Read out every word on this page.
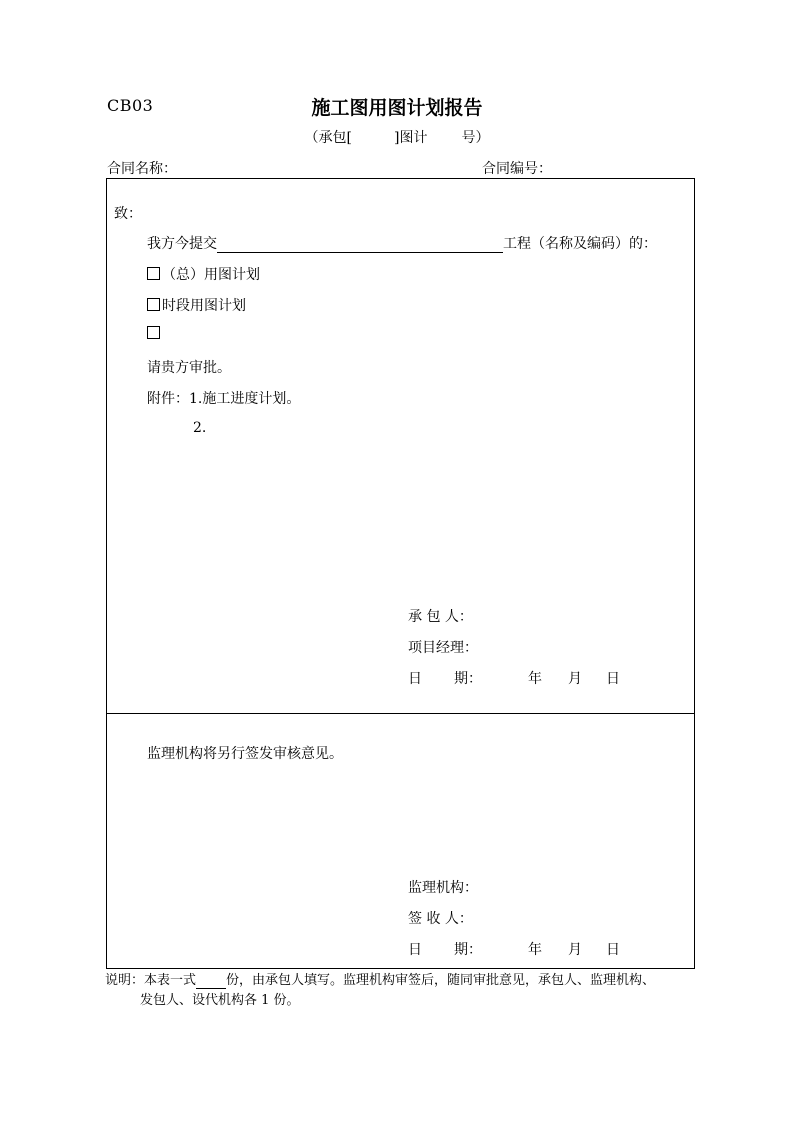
CB03	施工图用图计划报告
（承包[	]图计 号）
合同名称：	合同编号：
致：
我方今提交	工程（名称及编码）的：
（总）用图计划
时段用图计划
请贵方审批。
附件：1.施工进度计划。
2.
承 包 人：
项目经理：
日 期：	年 月 日
监理机构将另行签发审核意见。
监理机构：
签 收 人：
日 期：	年 月 日
说明：本表一式 份，由承包人填写。监理机构审签后，随同审批意见，承包人、监理机构、
发包人、设代机构各 1 份。
